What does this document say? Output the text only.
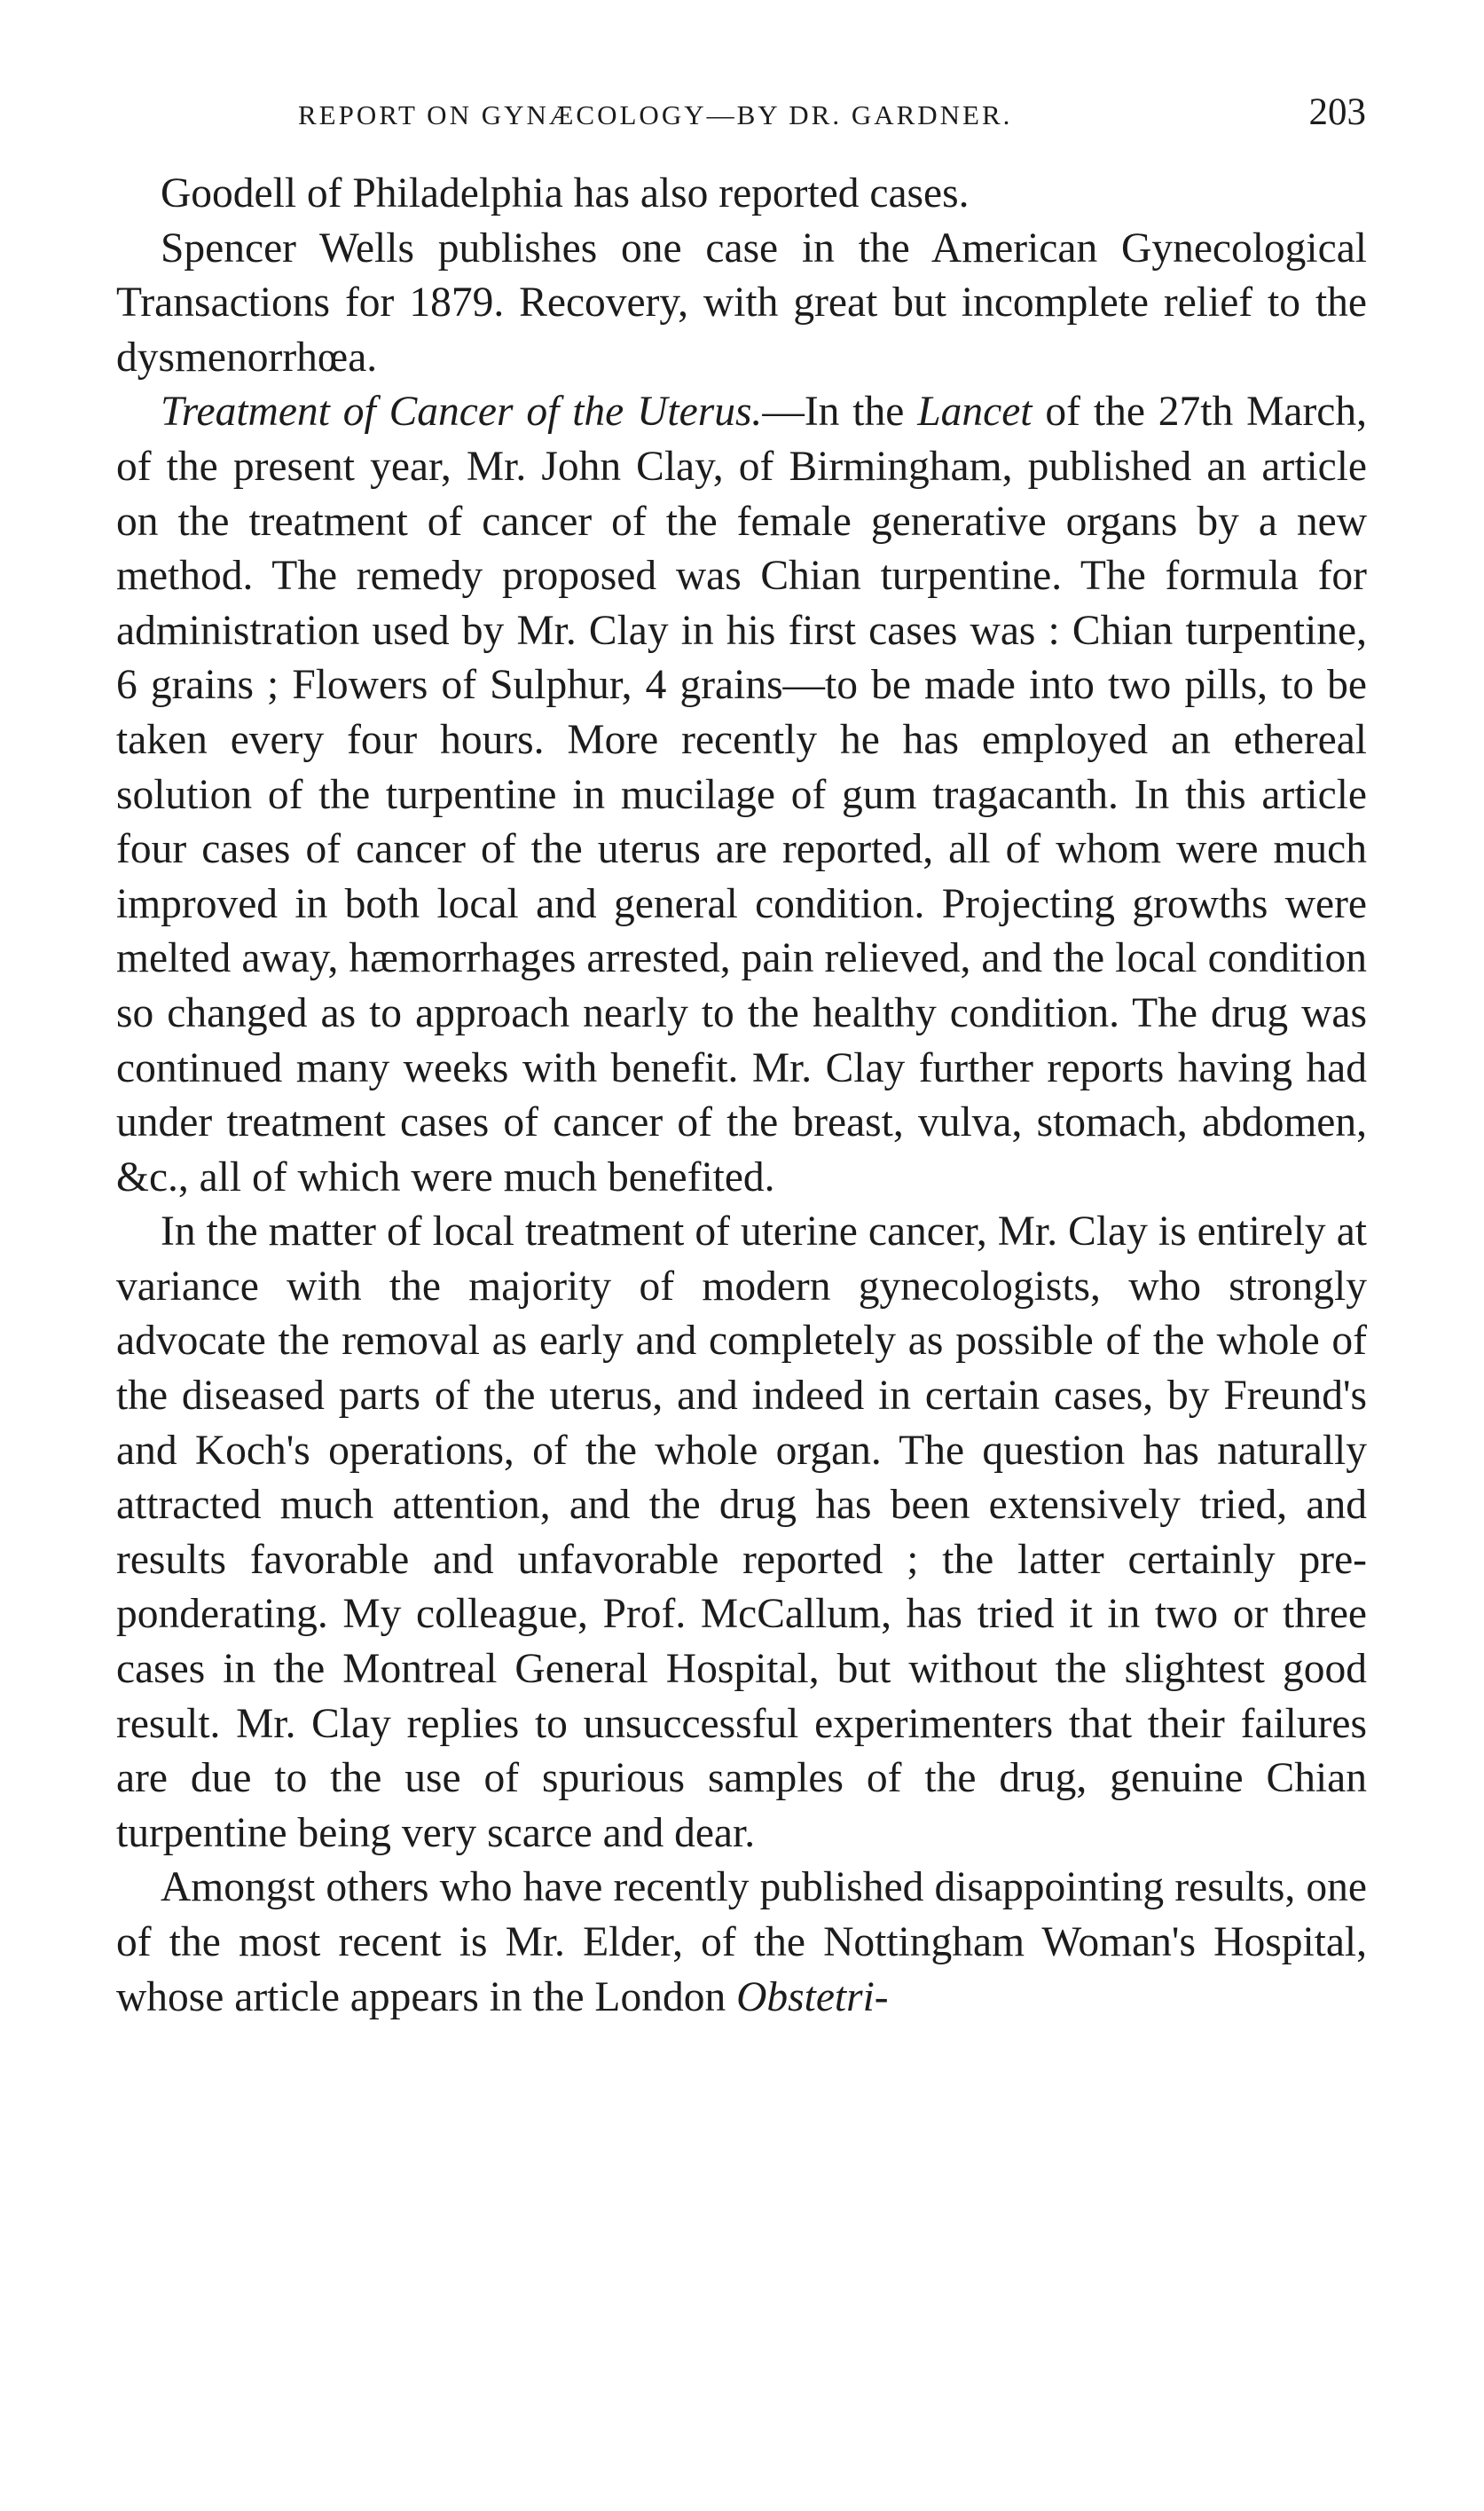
REPORT ON GYNÆCOLOGY—BY DR. GARDNER.	203

Goodell of Philadelphia has also reported cases.

Spencer Wells publishes one case in the American Gynecological Transactions for 1879. Recovery, with great but incomplete relief to the dysmenorrhœa.

Treatment of Cancer of the Uterus.—In the Lancet of the 27th March, of the present year, Mr. John Clay, of Birmingham, published an article on the treatment of cancer of the female generative organs by a new method. The remedy proposed was Chian turpentine. The formula for administration used by Mr. Clay in his first cases was : Chian turpentine, 6 grains ; Flowers of Sulphur, 4 grains—to be made into two pills, to be taken every four hours. More recently he has employed an ethereal solution of the turpentine in mucilage of gum tragacanth. In this article four cases of cancer of the uterus are reported, all of whom were much improved in both local and general condition. Projecting growths were melted away, hæmorrhages arrested, pain relieved, and the local condition so changed as to approach nearly to the healthy condition. The drug was continued many weeks with benefit. Mr. Clay further reports having had under treatment cases of cancer of the breast, vulva, stomach, abdomen, &c., all of which were much benefited.

In the matter of local treatment of uterine cancer, Mr. Clay is entirely at variance with the majority of modern gynecologists, who strongly advocate the removal as early and completely as possible of the whole of the diseased parts of the uterus, and indeed in certain cases, by Freund's and Koch's operations, of the whole organ. The question has naturally attracted much attention, and the drug has been extensively tried, and results favorable and unfavorable reported ; the latter certainly preponderating. My colleague, Prof. McCallum, has tried it in two or three cases in the Montreal General Hospital, but without the slightest good result. Mr. Clay replies to unsuccessful experimenters that their failures are due to the use of spurious samples of the drug, genuine Chian turpentine being very scarce and dear.

Amongst others who have recently published disappointing results, one of the most recent is Mr. Elder, of the Nottingham Woman's Hospital, whose article appears in the London Obstetri-
